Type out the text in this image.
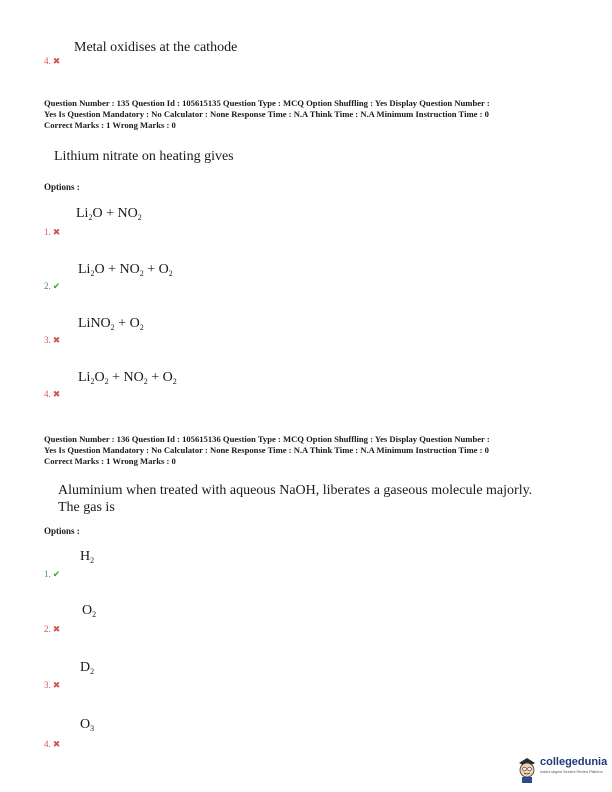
Metal oxidises at the cathode
4. ✖
Question Number : 135 Question Id : 105615135 Question Type : MCQ Option Shuffling : Yes Display Question Number :
Yes Is Question Mandatory : No Calculator : None Response Time : N.A Think Time : N.A Minimum Instruction Time : 0
Correct Marks : 1 Wrong Marks : 0
Lithium nitrate on heating gives
Options :
$Li_2O + NO_2$
1. ✖
$Li_2O + NO_2 + O_2$
2. ✔
LiNO$_2$ + $O_2$
3. ✖
$Li_2O_2 + NO_2 + O_2$
4. ✖
Question Number : 136 Question Id : 105615136 Question Type : MCQ Option Shuffling : Yes Display Question Number :
Yes Is Question Mandatory : No Calculator : None Response Time : N.A Think Time : N.A Minimum Instruction Time : 0
Correct Marks : 1 Wrong Marks : 0
Aluminium when treated with aqueous NaOH, liberates a gaseous molecule majorly.
The gas is
Options :
$H_2$
1. ✔
$O_2$
2. ✖
$D_2$
3. ✖
$O_3$
4. ✖
collegedunia
India's largest Student Review Platform
